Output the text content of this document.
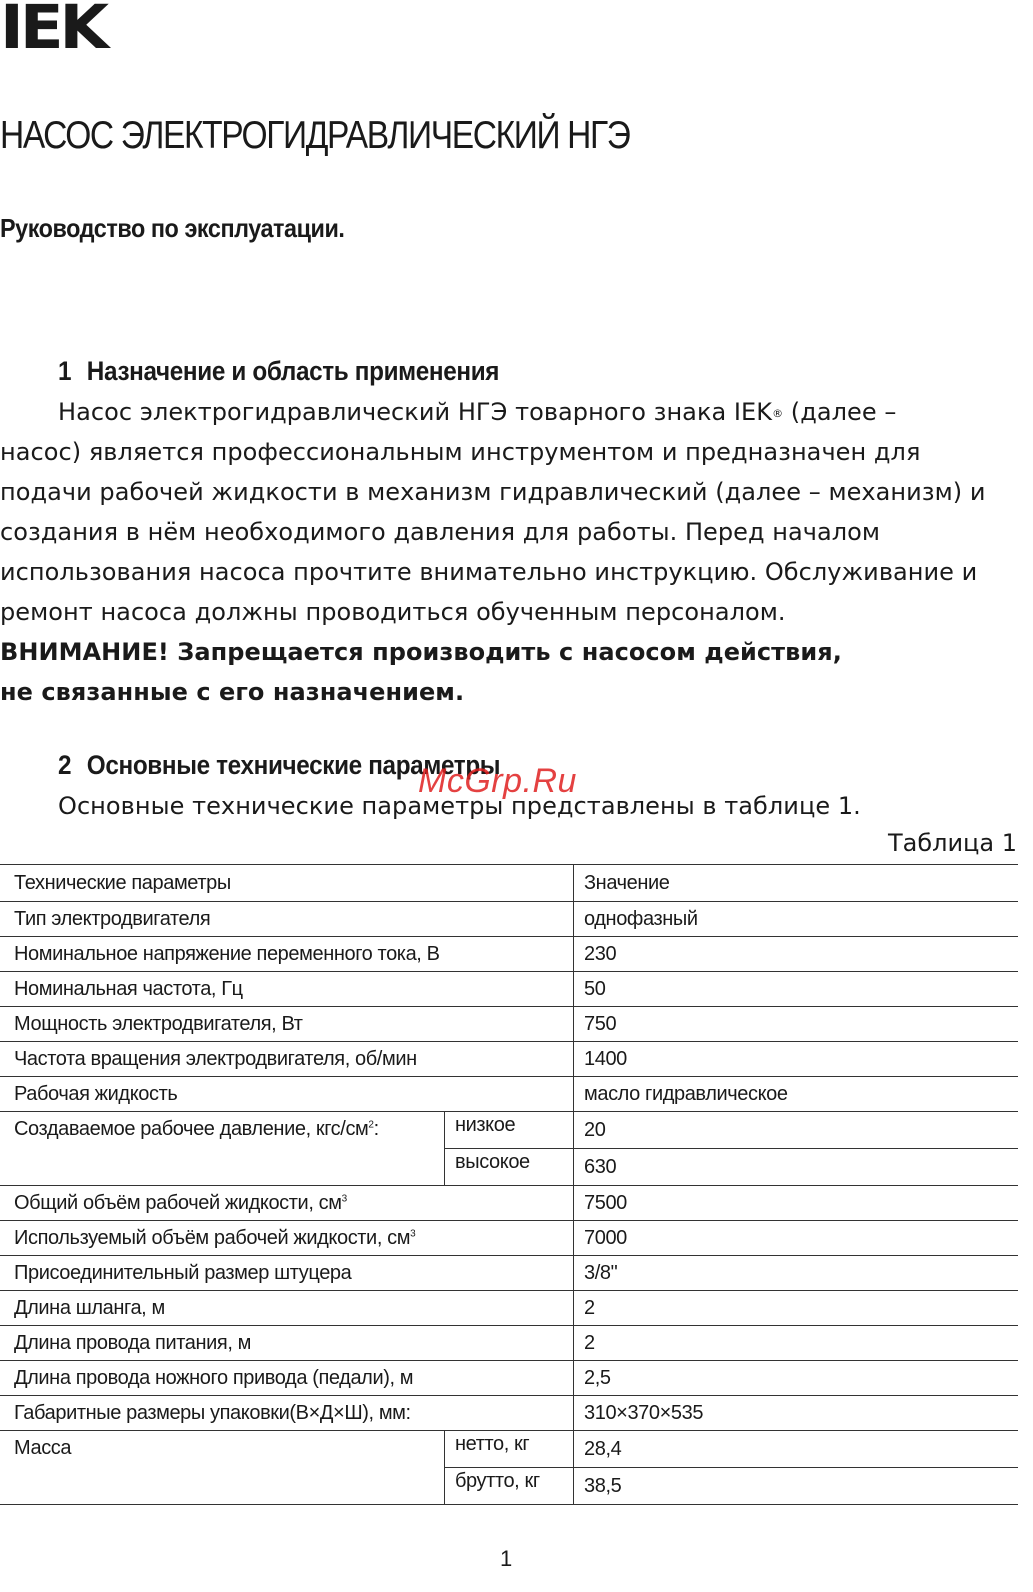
IEK
НАСОС ЭЛЕКТРОГИДРАВЛИЧЕСКИЙ НГЭ
Руководство по эксплуатации.
1 Назначение и область применения
Насос электрогидравлический НГЭ товарного знака IEK® (далее –
насос) является профессиональным инструментом и предназначен для
подачи рабочей жидкости в механизм гидравлический (далее – механизм) и
создания в нём необходимого давления для работы. Перед началом
использования насоса прочтите внимательно инструкцию. Обслуживание и
ремонт насоса должны проводиться обученным персоналом.
ВНИМАНИЕ! Запрещается производить с насосом действия,
не связанные с его назначением.
2 Основные технические параметры
Основные технические параметры представлены в таблице 1.
Таблица 1
McGrp.Ru
Технические параметры		Значение
Тип электродвигателя		однофазный
Номинальное напряжение переменного тока, В		230
Номинальная частота, Гц		50
Мощность электродвигателя, Вт		750
Частота вращения электродвигателя, об/мин		1400
Рабочая жидкость		масло гидравлическое
Создаваемое рабочее давление, кгс/$см^2$:	низкое	20
	высокое	630
Общий объём рабочей жидкости, $см^3$		7500
Используемый объём рабочей жидкости, $см^3$		7000
Присоединительный размер штуцера		3/8"
Длина шланга, м		2
Длина провода питания, м		2
Длина провода ножного привода (педали), м		2,5
Габаритные размеры упаковки(В×Д×Ш), мм:		310×370×535
Масса	нетто, кг	28,4
	брутто, кг	38,5
1
